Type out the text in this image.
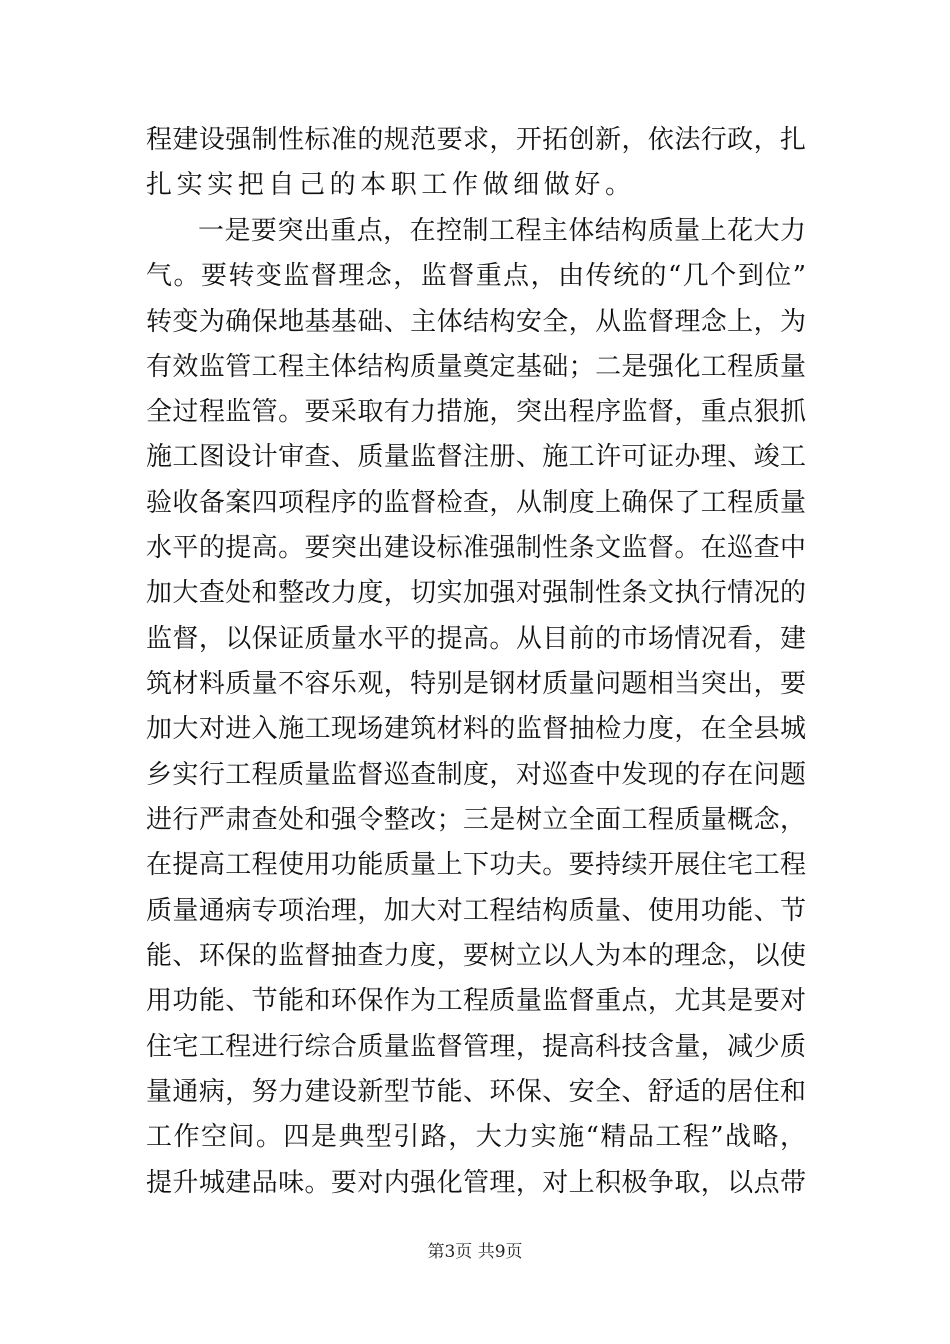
程建设强制性标准的规范要求，开拓创新，依法行政，扎
扎实实把自己的本职工作做细做好。
一是要突出重点，在控制工程主体结构质量上花大力
气。要转变监督理念，监督重点，由传统的“几个到位”
转变为确保地基基础、主体结构安全，从监督理念上，为
有效监管工程主体结构质量奠定基础；二是强化工程质量
全过程监管。要采取有力措施，突出程序监督，重点狠抓
施工图设计审查、质量监督注册、施工许可证办理、竣工
验收备案四项程序的监督检查，从制度上确保了工程质量
水平的提高。要突出建设标准强制性条文监督。在巡查中
加大查处和整改力度，切实加强对强制性条文执行情况的
监督，以保证质量水平的提高。从目前的市场情况看，建
筑材料质量不容乐观，特别是钢材质量问题相当突出，要
加大对进入施工现场建筑材料的监督抽检力度，在全县城
乡实行工程质量监督巡查制度，对巡查中发现的存在问题
进行严肃查处和强令整改；三是树立全面工程质量概念，
在提高工程使用功能质量上下功夫。要持续开展住宅工程
质量通病专项治理，加大对工程结构质量、使用功能、节
能、环保的监督抽查力度，要树立以人为本的理念，以使
用功能、节能和环保作为工程质量监督重点，尤其是要对
住宅工程进行综合质量监督管理，提高科技含量，减少质
量通病，努力建设新型节能、环保、安全、舒适的居住和
工作空间。四是典型引路，大力实施“精品工程”战略，
提升城建品味。要对内强化管理，对上积极争取，以点带
第3页 共9页
